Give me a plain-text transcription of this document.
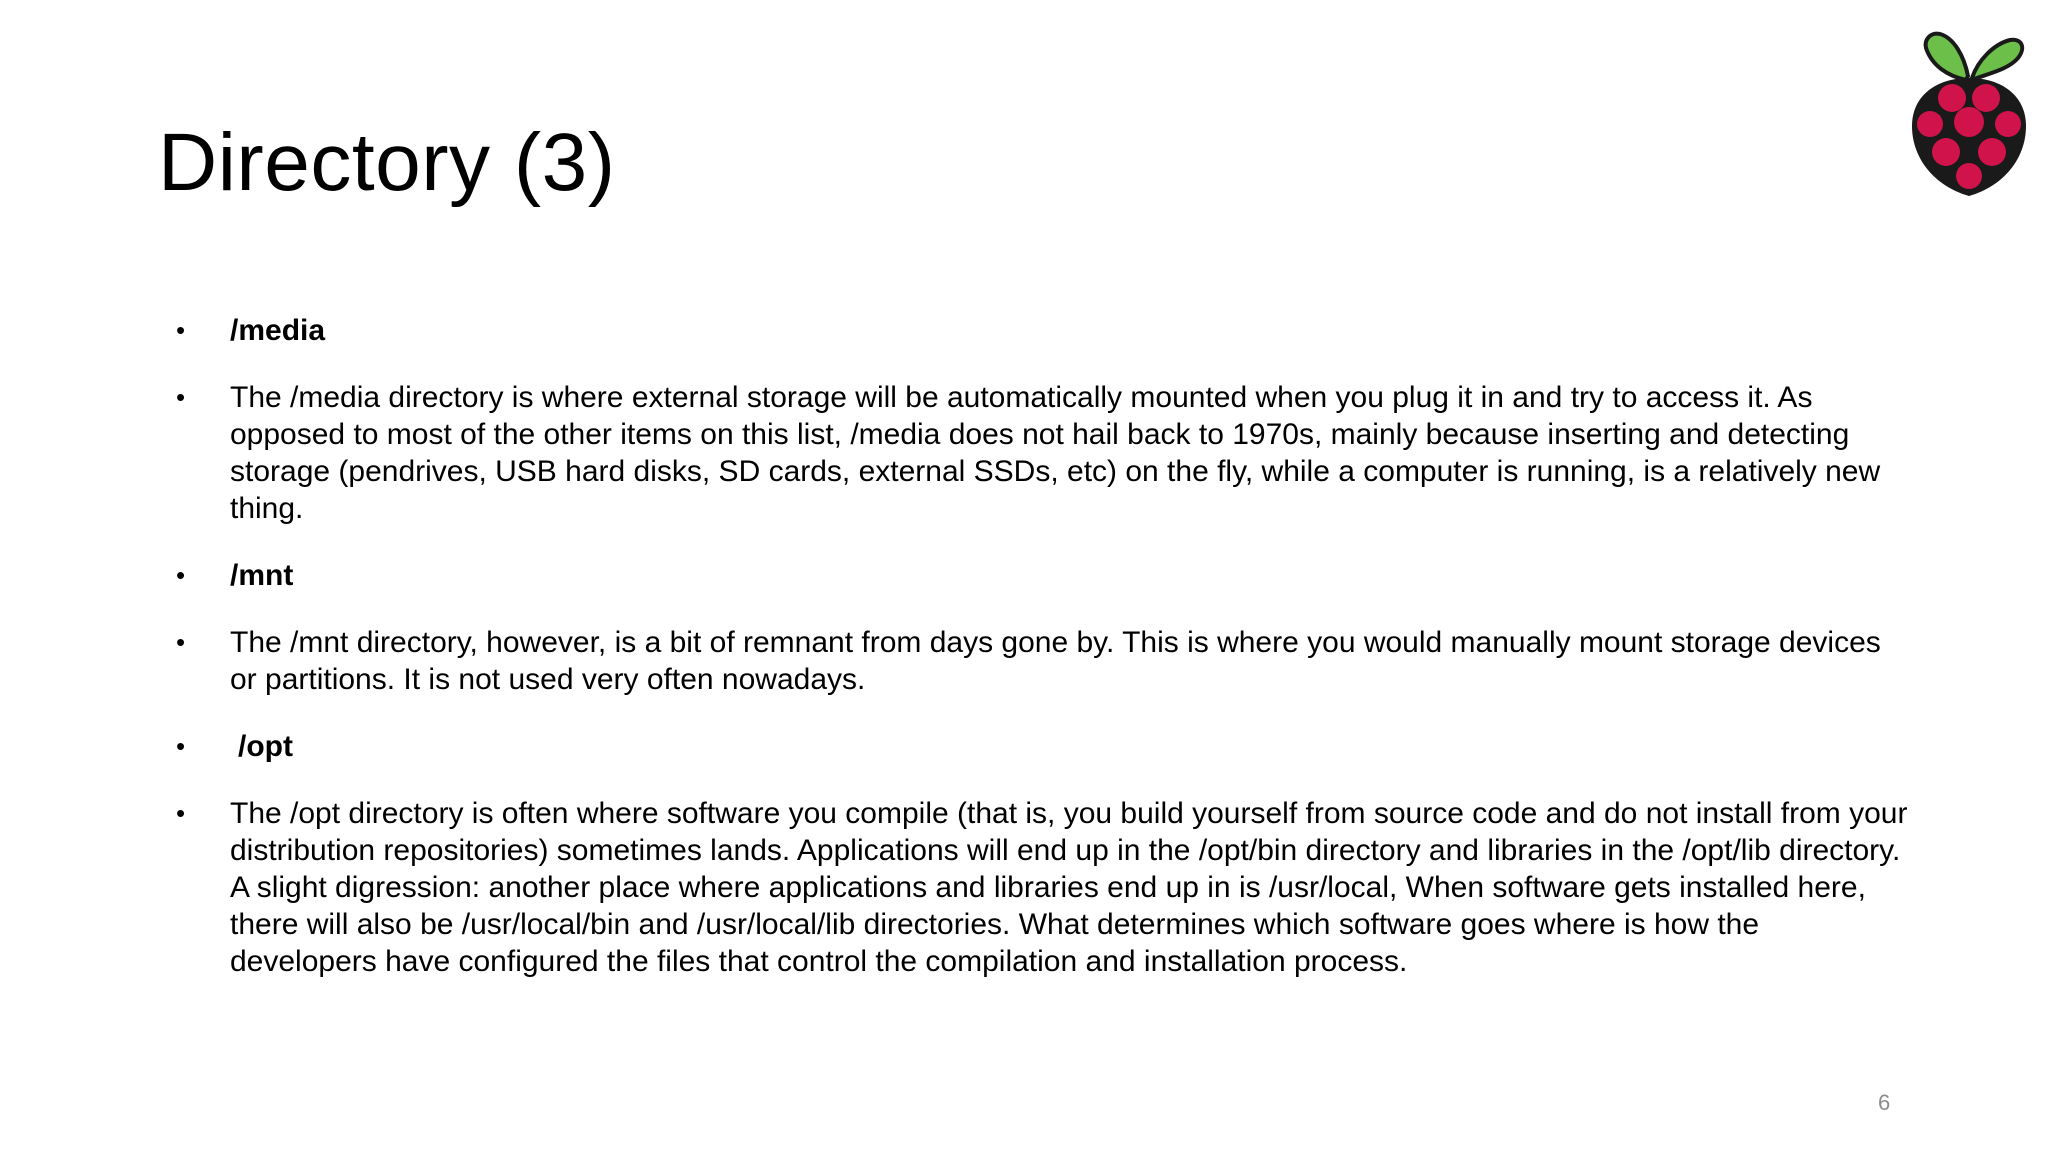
Directory (3)
• /media
• The /media directory is where external storage will be automatically mounted when you plug it in and try to access it. As opposed to most of the other items on this list, /media does not hail back to 1970s, mainly because inserting and detecting storage (pendrives, USB hard disks, SD cards, external SSDs, etc) on the fly, while a computer is running, is a relatively new thing.
• /mnt
• The /mnt directory, however, is a bit of remnant from days gone by. This is where you would manually mount storage devices or partitions. It is not used very often nowadays.
• /opt
• The /opt directory is often where software you compile (that is, you build yourself from source code and do not install from your distribution repositories) sometimes lands. Applications will end up in the /opt/bin directory and libraries in the /opt/lib directory. A slight digression: another place where applications and libraries end up in is /usr/local, When software gets installed here, there will also be /usr/local/bin and /usr/local/lib directories. What determines which software goes where is how the developers have configured the files that control the compilation and installation process.
6
